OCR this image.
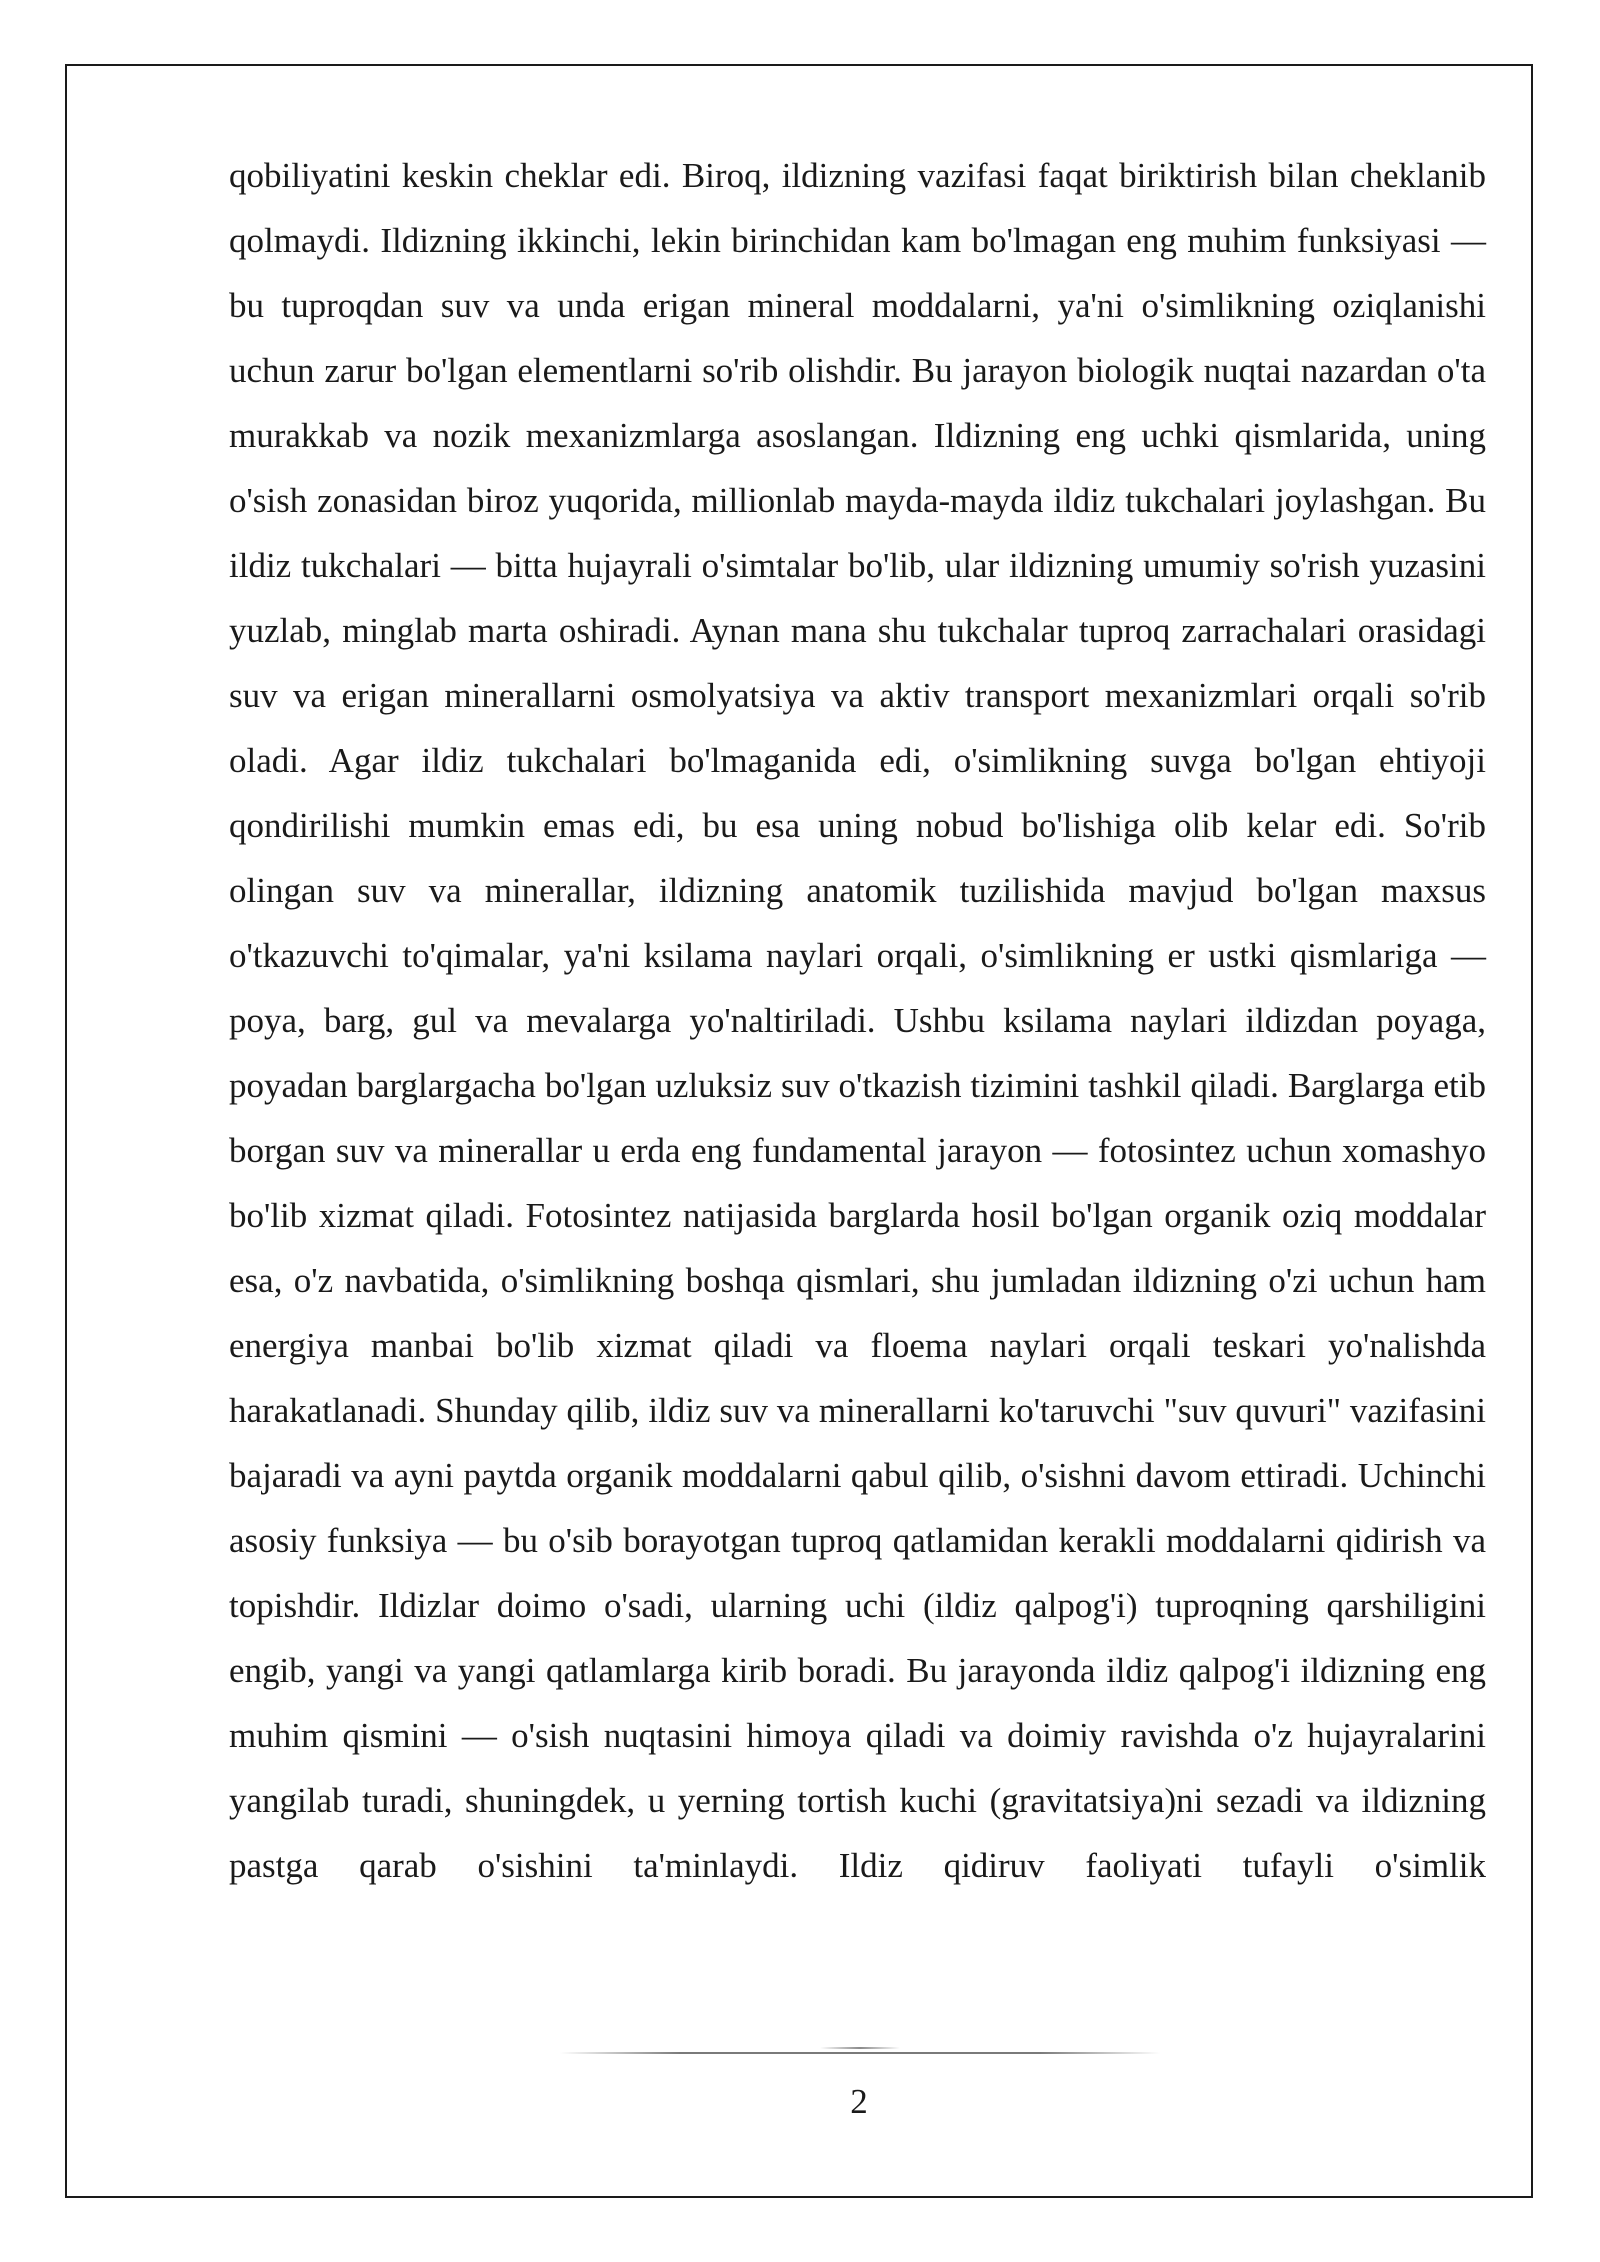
qobiliyatini keskin cheklar edi. Biroq, ildizning vazifasi faqat biriktirish bilan cheklanib qolmaydi. Ildizning ikkinchi, lekin birinchidan kam bo'lmagan eng muhim funksiyasi — bu tuproqdan suv va unda erigan mineral moddalarni, ya'ni o'simlikning oziqlanishi uchun zarur bo'lgan elementlarni so'rib olishdir. Bu jarayon biologik nuqtai nazardan o'ta murakkab va nozik mexanizmlarga asoslangan. Ildizning eng uchki qismlarida, uning o'sish zonasidan biroz yuqorida, millionlab mayda-mayda ildiz tukchalari joylashgan. Bu ildiz tukchalari — bitta hujayrali o'simtalar bo'lib, ular ildizning umumiy so'rish yuzasini yuzlab, minglab marta oshiradi. Aynan mana shu tukchalar tuproq zarrachalari orasidagi suv va erigan minerallarni osmolyatsiya va aktiv transport mexanizmlari orqali so'rib oladi. Agar ildiz tukchalari bo'lmaganida edi, o'simlikning suvga bo'lgan ehtiyoji qondirilishi mumkin emas edi, bu esa uning nobud bo'lishiga olib kelar edi. So'rib olingan suv va minerallar, ildizning anatomik tuzilishida mavjud bo'lgan maxsus o'tkazuvchi to'qimalar, ya'ni ksilama naylari orqali, o'simlikning er ustki qismlariga — poya, barg, gul va mevalarga yo'naltiriladi. Ushbu ksilama naylari ildizdan poyaga, poyadan barglargacha bo'lgan uzluksiz suv o'tkazish tizimini tashkil qiladi. Barglarga etib borgan suv va minerallar u erda eng fundamental jarayon — fotosintez uchun xomashyo bo'lib xizmat qiladi. Fotosintez natijasida barglarda hosil bo'lgan organik oziq moddalar esa, o'z navbatida, o'simlikning boshqa qismlari, shu jumladan ildizning o'zi uchun ham energiya manbai bo'lib xizmat qiladi va floema naylari orqali teskari yo'nalishda harakatlanadi. Shunday qilib, ildiz suv va minerallarni ko'taruvchi "suv quvuri" vazifasini bajaradi va ayni paytda organik moddalarni qabul qilib, o'sishni davom ettiradi. Uchinchi asosiy funksiya — bu o'sib borayotgan tuproq qatlamidan kerakli moddalarni qidirish va topishdir. Ildizlar doimo o'sadi, ularning uchi (ildiz qalpog'i) tuproqning qarshiligini engib, yangi va yangi qatlamlarga kirib boradi. Bu jarayonda ildiz qalpog'i ildizning eng muhim qismini — o'sish nuqtasini himoya qiladi va doimiy ravishda o'z hujayralarini yangilab turadi, shuningdek, u yerning tortish kuchi (gravitatsiya)ni sezadi va ildizning pastga qarab o'sishini ta'minlaydi. Ildiz qidiruv faoliyati tufayli o'simlik

2
